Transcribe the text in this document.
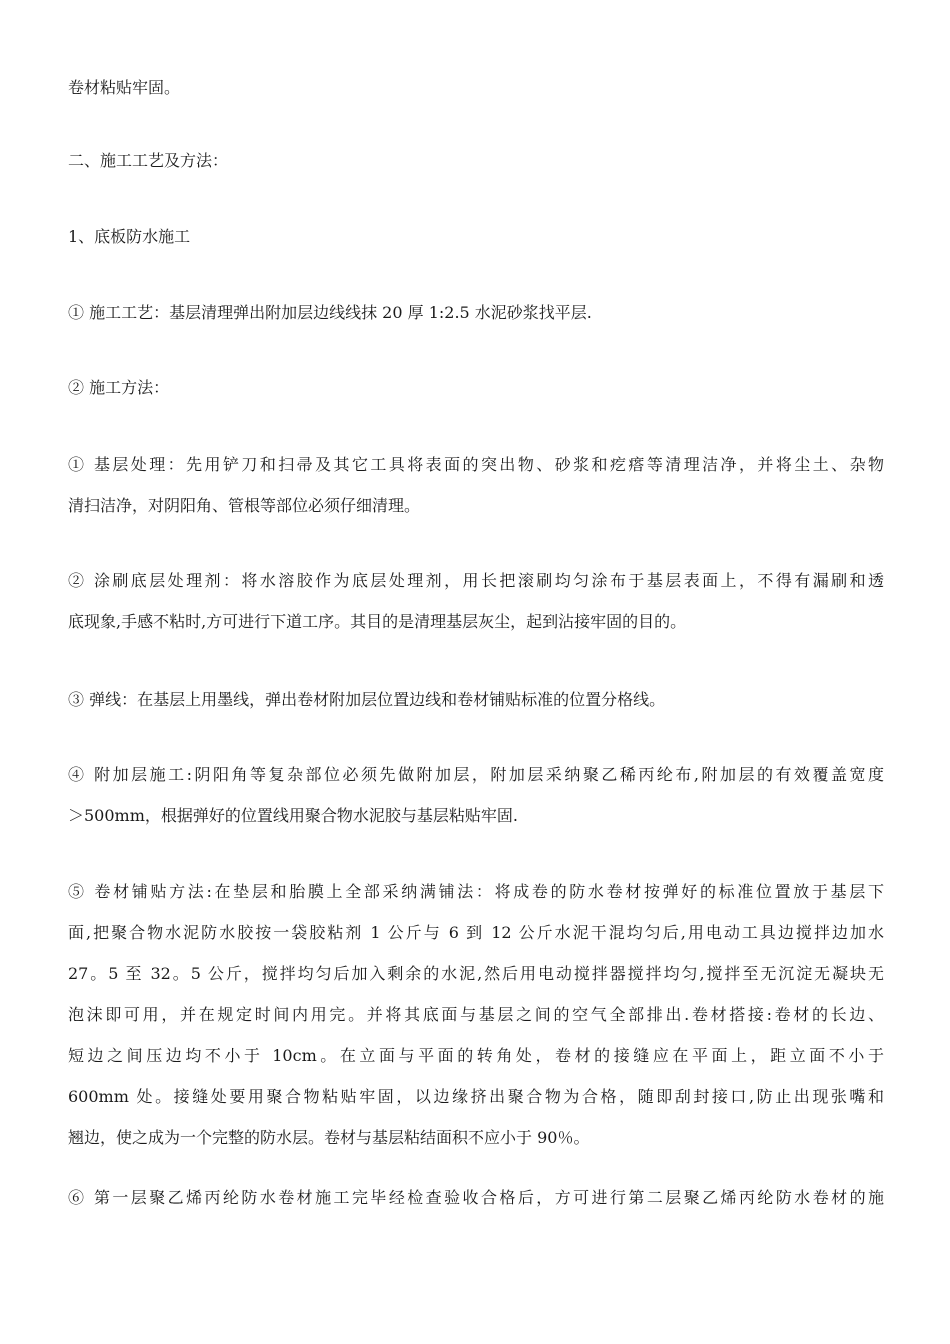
卷材粘贴牢固。

二、施工工艺及方法：

1、底板防水施工

① 施工工艺：基层清理弹出附加层边线线抹 20 厚 1:2.5 水泥砂浆找平层.

② 施工方法：

① 基层处理：先用铲刀和扫帚及其它工具将表面的突出物、砂浆和疙瘩等清理洁净，并将尘土、杂物
清扫洁净，对阴阳角、管根等部位必须仔细清理。

② 涂刷底层处理剂：将水溶胶作为底层处理剂，用长把滚刷均匀涂布于基层表面上，不得有漏刷和透
底现象,手感不粘时,方可进行下道工序。其目的是清理基层灰尘，起到沾接牢固的目的。

③ 弹线：在基层上用墨线，弹出卷材附加层位置边线和卷材铺贴标准的位置分格线。

④ 附加层施工:阴阳角等复杂部位必须先做附加层，附加层采纳聚乙稀丙纶布,附加层的有效覆盖宽度
＞500mm，根据弹好的位置线用聚合物水泥胶与基层粘贴牢固.

⑤ 卷材铺贴方法:在垫层和胎膜上全部采纳满铺法：将成卷的防水卷材按弹好的标准位置放于基层下
面,把聚合物水泥防水胶按一袋胶粘剂 1 公斤与 6 到 12 公斤水泥干混均匀后,用电动工具边搅拌边加水
27。5 至 32。5 公斤，搅拌均匀后加入剩余的水泥,然后用电动搅拌器搅拌均匀,搅拌至无沉淀无凝块无
泡沫即可用，并在规定时间内用完。并将其底面与基层之间的空气全部排出.卷材搭接:卷材的长边、
短边之间压边均不小于 10cm。在立面与平面的转角处，卷材的接缝应在平面上，距立面不小于
600mm 处。接缝处要用聚合物粘贴牢固，以边缘挤出聚合物为合格，随即刮封接口,防止出现张嘴和
翘边，使之成为一个完整的防水层。卷材与基层粘结面积不应小于 90％。

⑥ 第一层聚乙烯丙纶防水卷材施工完毕经检查验收合格后，方可进行第二层聚乙烯丙纶防水卷材的施
